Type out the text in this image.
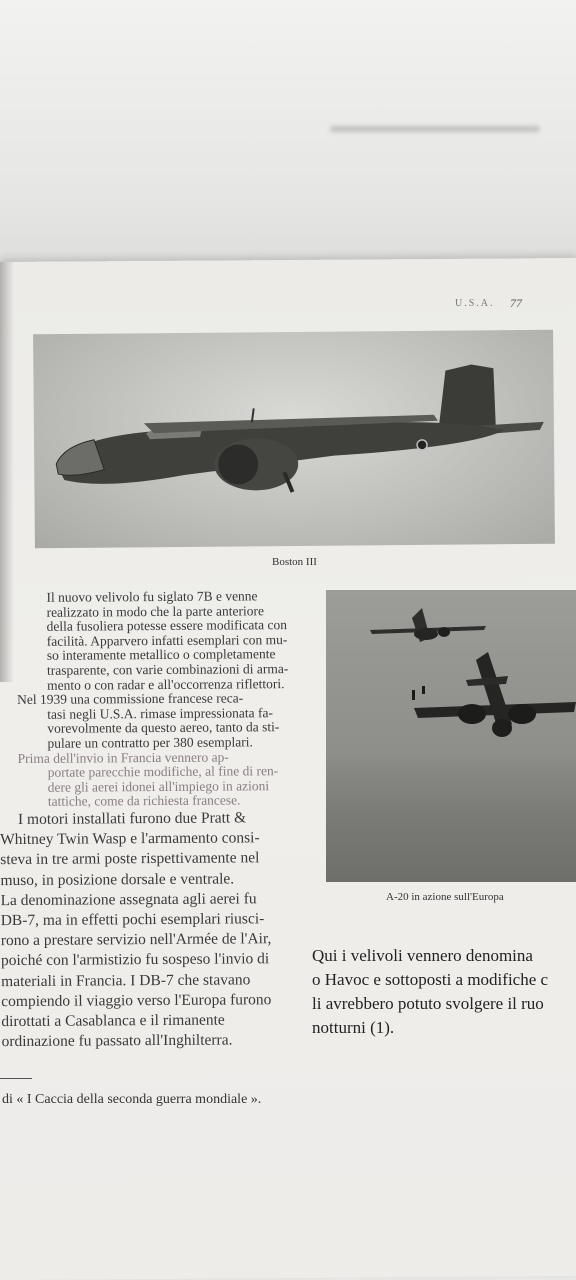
U.S.A. 77
Boston III
A-20 in azione sull'Europa
Il nuovo velivolo fu siglato 7B e venne
realizzato in modo che la parte anteriore
della fusoliera potesse essere modificata con
facilità. Apparvero infatti esemplari con mu-
so interamente metallico o completamente
trasparente, con varie combinazioni di arma-
mento o con radar e all'occorrenza riflettori.
Nel 1939 una commissione francese reca-
tasi negli U.S.A. rimase impressionata fa-
vorevolmente da questo aereo, tanto da sti-
pulare un contratto per 380 esemplari.
Prima dell'invio in Francia vennero ap-
portate parecchie modifiche, al fine di ren-
dere gli aerei idonei all'impiego in azioni
tattiche, come da richiesta francese.
I motori installati furono due Pratt &
Whitney Twin Wasp e l'armamento consi-
steva in tre armi poste rispettivamente nel
muso, in posizione dorsale e ventrale.
La denominazione assegnata agli aerei fu
DB-7, ma in effetti pochi esemplari riusci-
rono a prestare servizio nell'Armée de l'Air,
poiché con l'armistizio fu sospeso l'invio di
materiali in Francia. I DB-7 che stavano
compiendo il viaggio verso l'Europa furono
dirottati a Casablanca e il rimanente
ordinazione fu passato all'Inghilterra.
Qui i velivoli vennero denomina
o Havoc e sottoposti a modifiche c
li avrebbero potuto svolgere il ruo
notturni (1).
di « I Caccia della seconda guerra mondiale ».
